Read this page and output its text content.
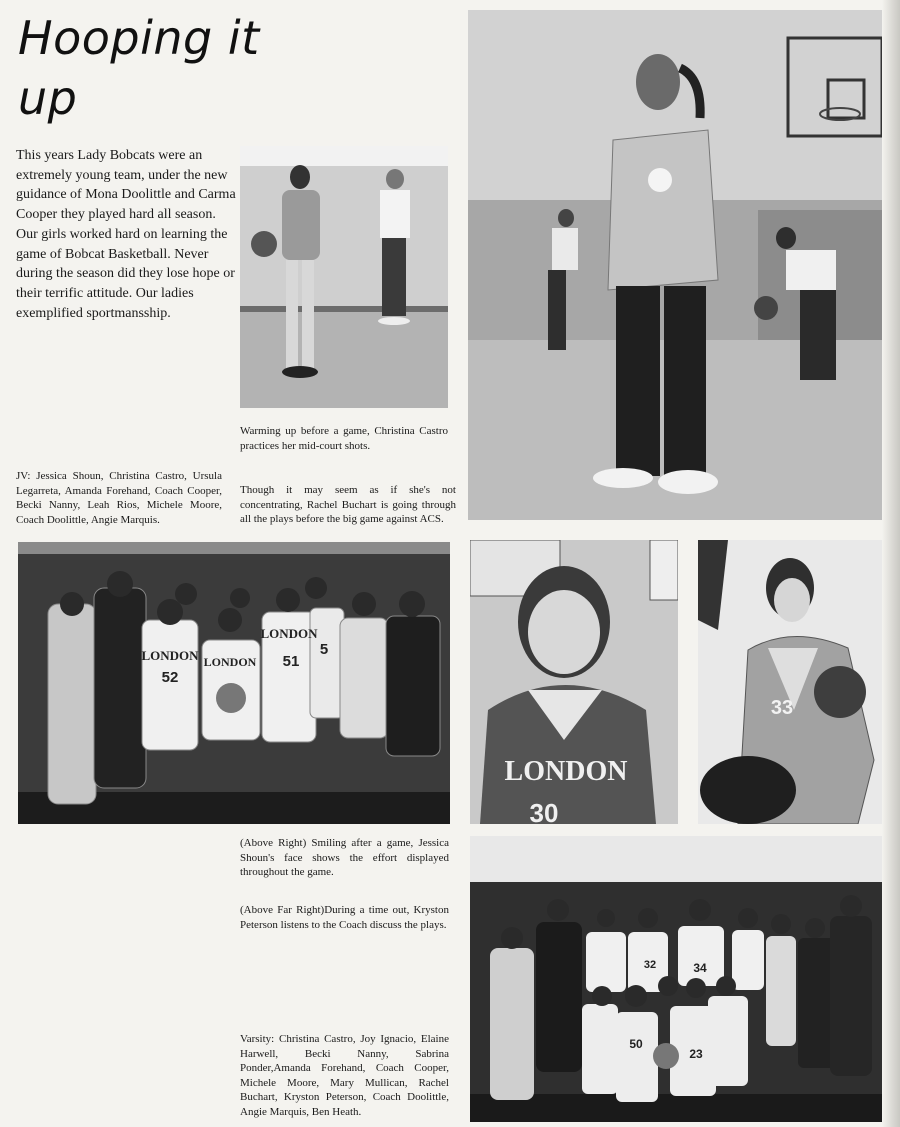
Hooping it
up

This years Lady Bobcats were an extremely young team, under the new guidance of Mona Doolittle and Carma Cooper they played hard all season. Our girls worked hard on learning the game of Bobcat Basketball. Never during the season did they lose hope or their terrific attitude. Our ladies exemplified sportmansship.

Warming up before a game, Christina Castro practices her mid-court shots.

JV: Jessica Shoun, Christina Castro, Ursula Legarreta, Amanda Forehand, Coach Cooper, Becki Nanny, Leah Rios, Michele Moore, Coach Doolittle, Angie Marquis.

Though it may seem as if she's not concentrating, Rachel Buchart is going through all the plays before the big game against ACS.

LONDON
52
LONDON
LONDON
51
5
LONDON
30
33

(Above Right) Smiling after a game, Jessica Shoun's face shows the effort displayed throughout the game.

(Above Far Right)During a time out, Kryston Peterson listens to the Coach discuss the plays.

32	34
50
23

Varsity: Christina Castro, Joy Ignacio, Elaine Harwell, Becki Nanny, Sabrina Ponder,Amanda Forehand, Coach Cooper, Michele Moore, Mary Mullican, Rachel Buchart, Kryston Peterson, Coach Doolittle, Angie Marquis, Ben Heath.
